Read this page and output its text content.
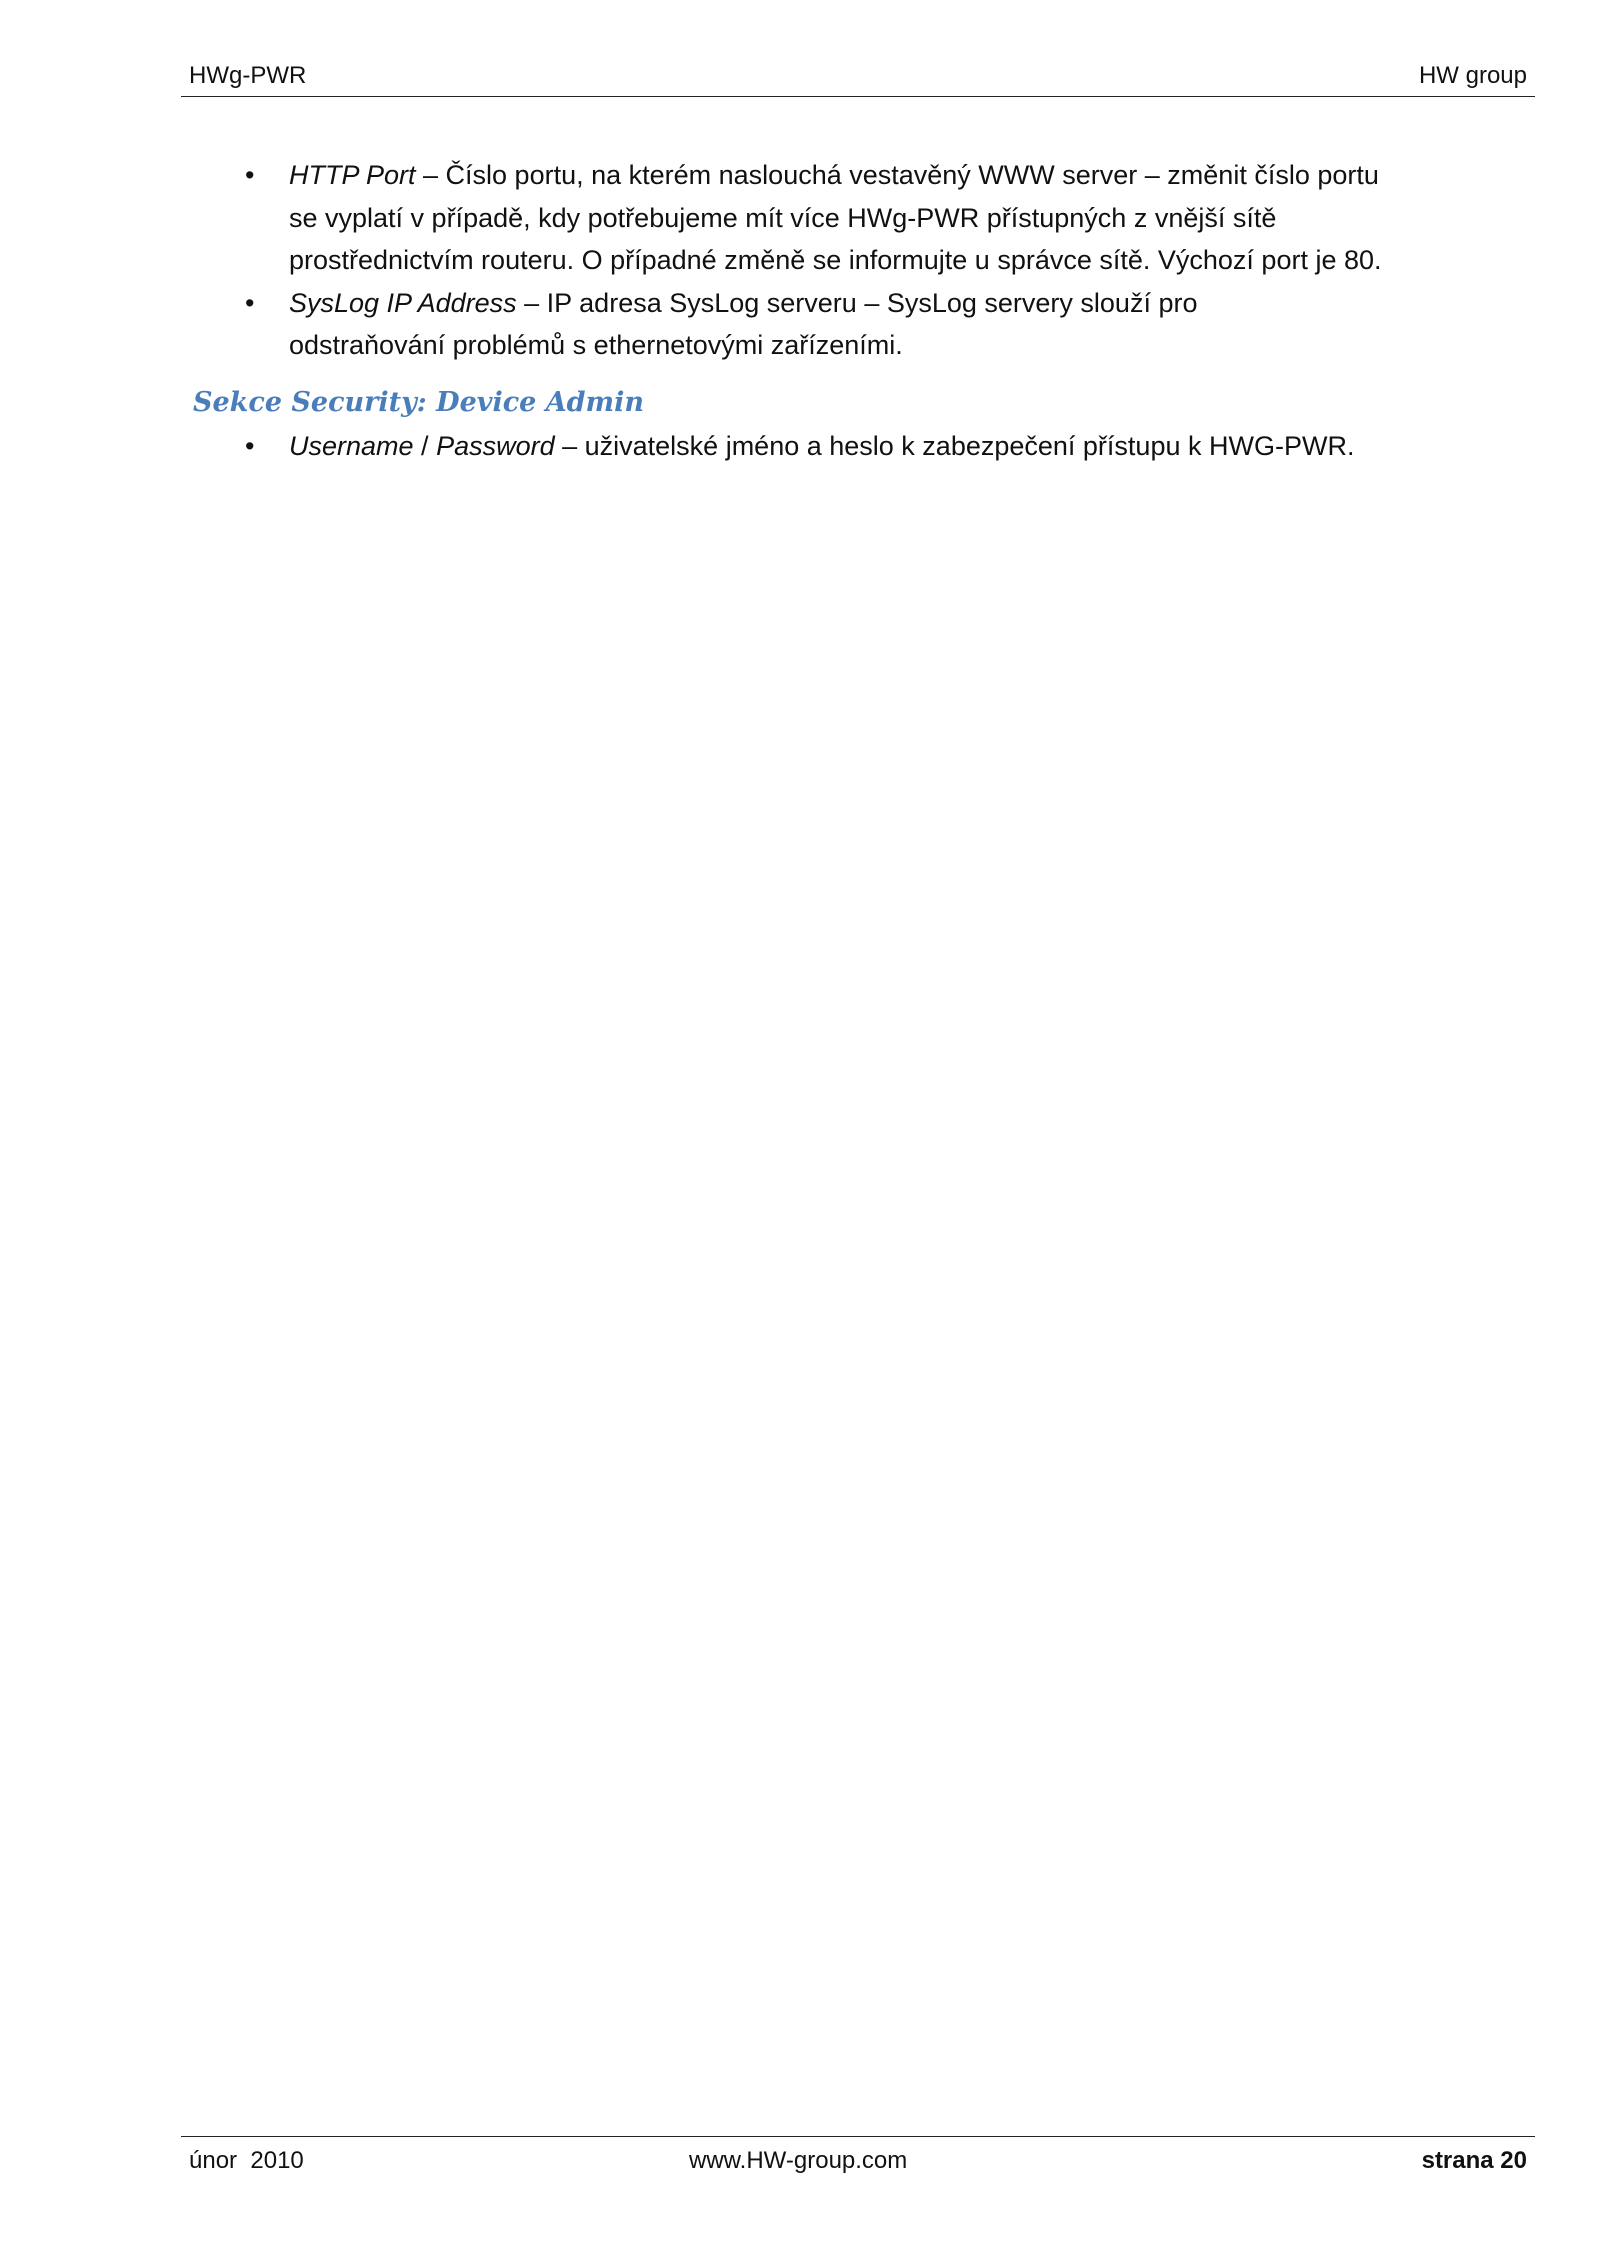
HWg-PWR	HW group
• HTTP Port – Číslo portu, na kterém naslouchá vestavěný WWW server – změnit číslo portu se vyplatí v případě, kdy potřebujeme mít více HWg-PWR přístupných z vnější sítě prostřednictvím routeru. O případné změně se informujte u správce sítě. Výchozí port je 80.
• SysLog IP Address – IP adresa SysLog serveru – SysLog servery slouží pro odstraňování problémů s ethernetovými zařízeními.
Sekce Security: Device Admin
• Username / Password – uživatelské jméno a heslo k zabezpečení přístupu k HWG-PWR.
únor  2010	www.HW-group.com	strana 20
